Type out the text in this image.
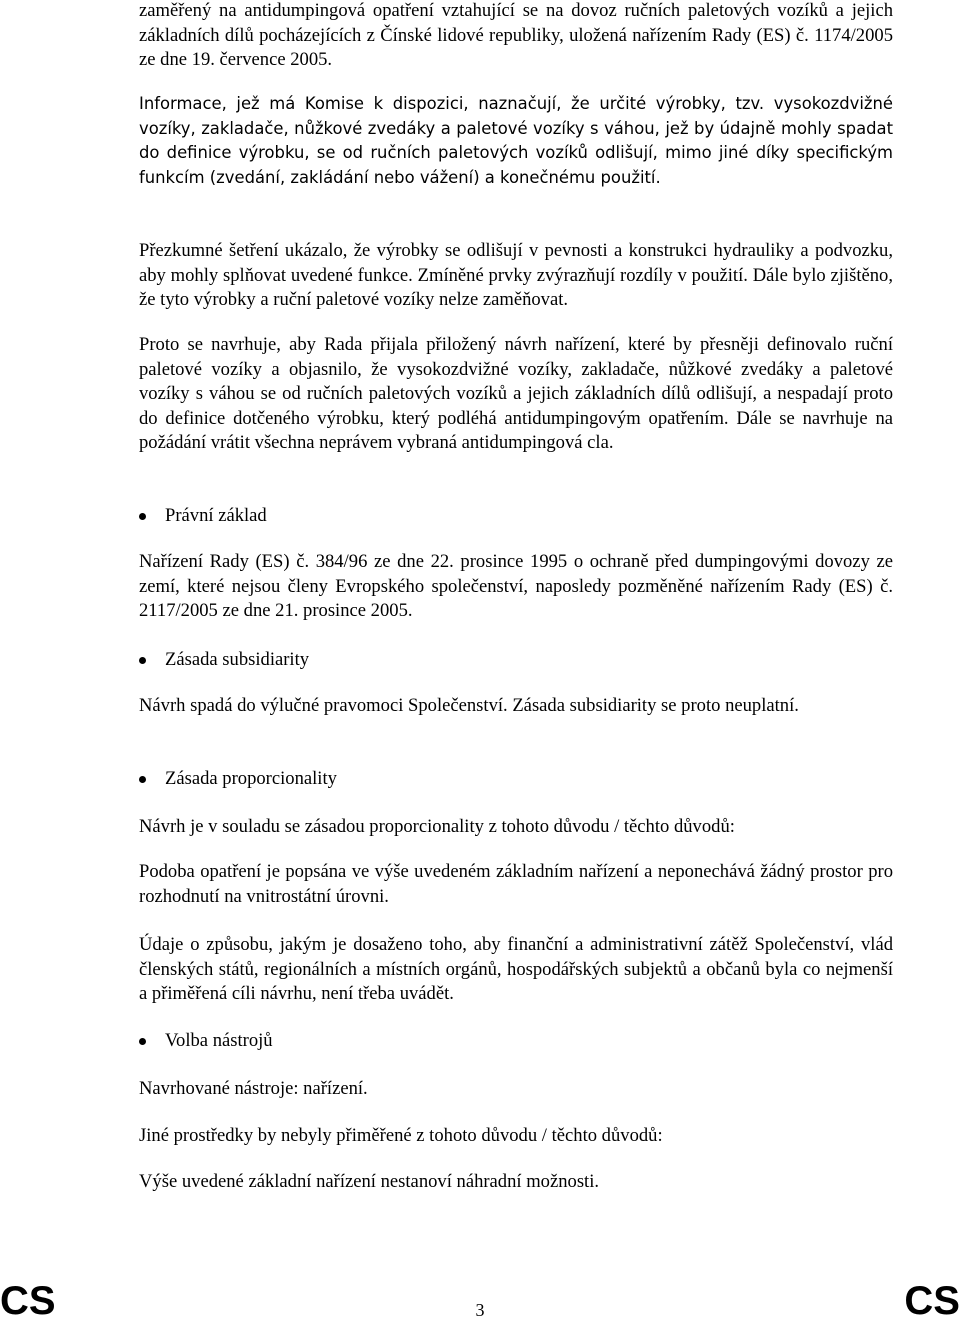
zaměřený na antidumpingová opatření vztahující se na dovoz ručních paletových vozíků a jejich základních dílů pocházejících z Čínské lidové republiky, uložená nařízením Rady (ES) č. 1174/2005 ze dne 19. července 2005.

Informace, jež má Komise k dispozici, naznačují, že určité výrobky, tzv. vysokozdvižné vozíky, zakladače, nůžkové zvedáky a paletové vozíky s váhou, jež by údajně mohly spadat do definice výrobku, se od ručních paletových vozíků odlišují, mimo jiné díky specifickým funkcím (zvedání, zakládání nebo vážení) a konečnému použití.

Přezkumné šetření ukázalo, že výrobky se odlišují v pevnosti a konstrukci hydrauliky a podvozku, aby mohly splňovat uvedené funkce. Zmíněné prvky zvýrazňují rozdíly v použití. Dále bylo zjištěno, že tyto výrobky a ruční paletové vozíky nelze zaměňovat.

Proto se navrhuje, aby Rada přijala přiložený návrh nařízení, které by přesněji definovalo ruční paletové vozíky a objasnilo, že vysokozdvižné vozíky, zakladače, nůžkové zvedáky a paletové vozíky s váhou se od ručních paletových vozíků a jejich základních dílů odlišují, a nespadají proto do definice dotčeného výrobku, který podléhá antidumpingovým opatřením. Dále se navrhuje na požádání vrátit všechna neprávem vybraná antidumpingová cla.

Právní základ

Nařízení Rady (ES) č. 384/96 ze dne 22. prosince 1995 o ochraně před dumpingovými dovozy ze zemí, které nejsou členy Evropského společenství, naposledy pozměněné nařízením Rady (ES) č. 2117/2005 ze dne 21. prosince 2005.

Zásada subsidiarity

Návrh spadá do výlučné pravomoci Společenství. Zásada subsidiarity se proto neuplatní.

Zásada proporcionality

Návrh je v souladu se zásadou proporcionality z tohoto důvodu / těchto důvodů:

Podoba opatření je popsána ve výše uvedeném základním nařízení a neponechává žádný prostor pro rozhodnutí na vnitrostátní úrovni.

Údaje o způsobu, jakým je dosaženo toho, aby finanční a administrativní zátěž Společenství, vlád členských států, regionálních a místních orgánů, hospodářských subjektů a občanů byla co nejmenší a přiměřená cíli návrhu, není třeba uvádět.

Volba nástrojů

Navrhované nástroje: nařízení.

Jiné prostředky by nebyly přiměřené z tohoto důvodu / těchto důvodů:

Výše uvedené základní nařízení nestanoví náhradní možnosti.

CS	3	CS
